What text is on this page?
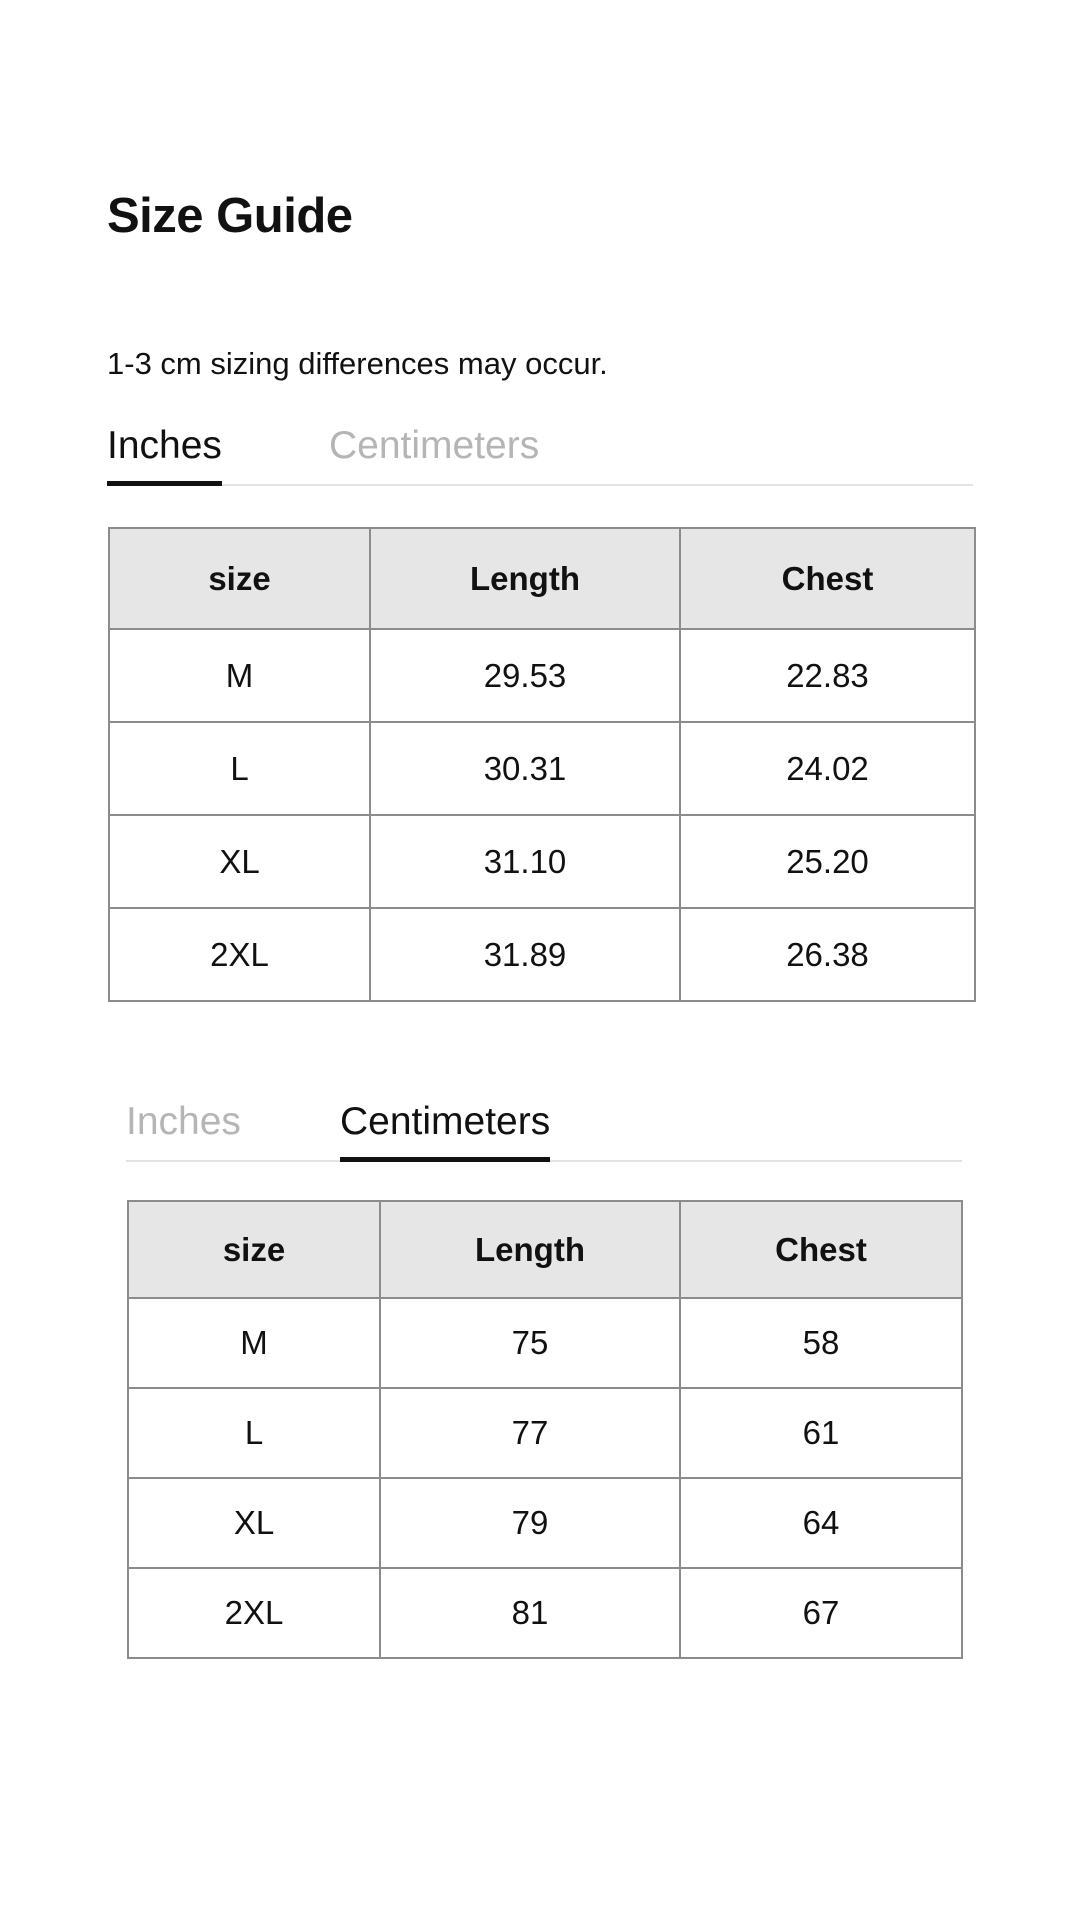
Size Guide

1-3 cm sizing differences may occur.

Inches	Centimeters
size	Length	Chest
M	29.53	22.83
L	30.31	24.02
XL	31.10	25.20
2XL	31.89	26.38
Inches	Centimeters
size	Length	Chest
M	75	58
L	77	61
XL	79	64
2XL	81	67
